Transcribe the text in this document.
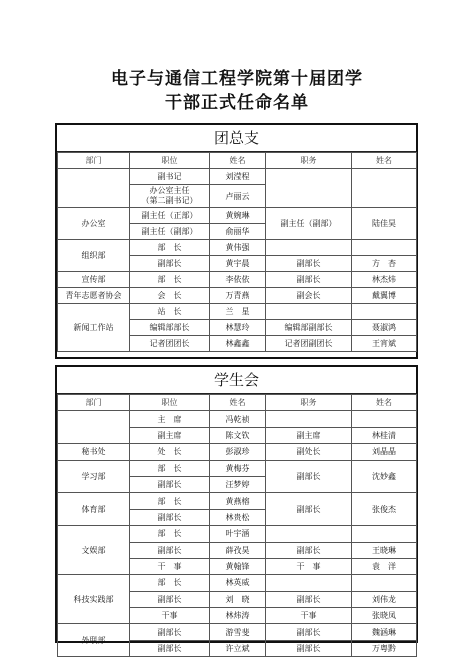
电子与通信工程学院第十届团学
干部正式任命名单
团总支
部门	职位	姓名	职务	姓名
	副书记	刘滢程		
	办公室主任
（第二副书记）	卢丽云		
办公室	副主任（正部）	黄婉琳	副主任（副部）	陆佳昊
	副主任（副部）	俞丽华		
组织部	部　长	黄伟强		
	副部长	黄宇晨	副部长	方　杏
宣传部	部　长	李依依	副部长	林杰炜
青年志愿者协会	会　长	万青燕	副会长	戴翼博
新闻工作站	站　长	兰　星		
	编辑部部长	林慧玲	编辑部副部长	聂淑鸿
	记者团团长	林鑫鑫	记者团副团长	王宵斌
学生会
部门	职位	姓名	职务	姓名
	主　席	冯乾祯		
	副主席	陈文钦	副主席	林桂清
秘书处	处　长	彭淑珍	副处长	刘晶晶
学习部	部　长	黄梅芬	副部长	沈妙鑫
	副部长	汪梦婷		
体育部	部　长	黄燕榕	副部长	张俊杰
	副部长	林贵松		
文娱部	部　长	叶宇涵		
	副部长	薛孜昊	副部长	王晓琳
	干　事	黄翰锋	干　事	袁　洋
科技实践部	部　长	林英威		
	副部长	刘　晓	副部长	刘伟龙
	干事	林炜涛	干事	张晓凤
外联部	副部长	游雪斐	副部长	魏涵琳
	副部长	许立斌	副部长	万粤黔
